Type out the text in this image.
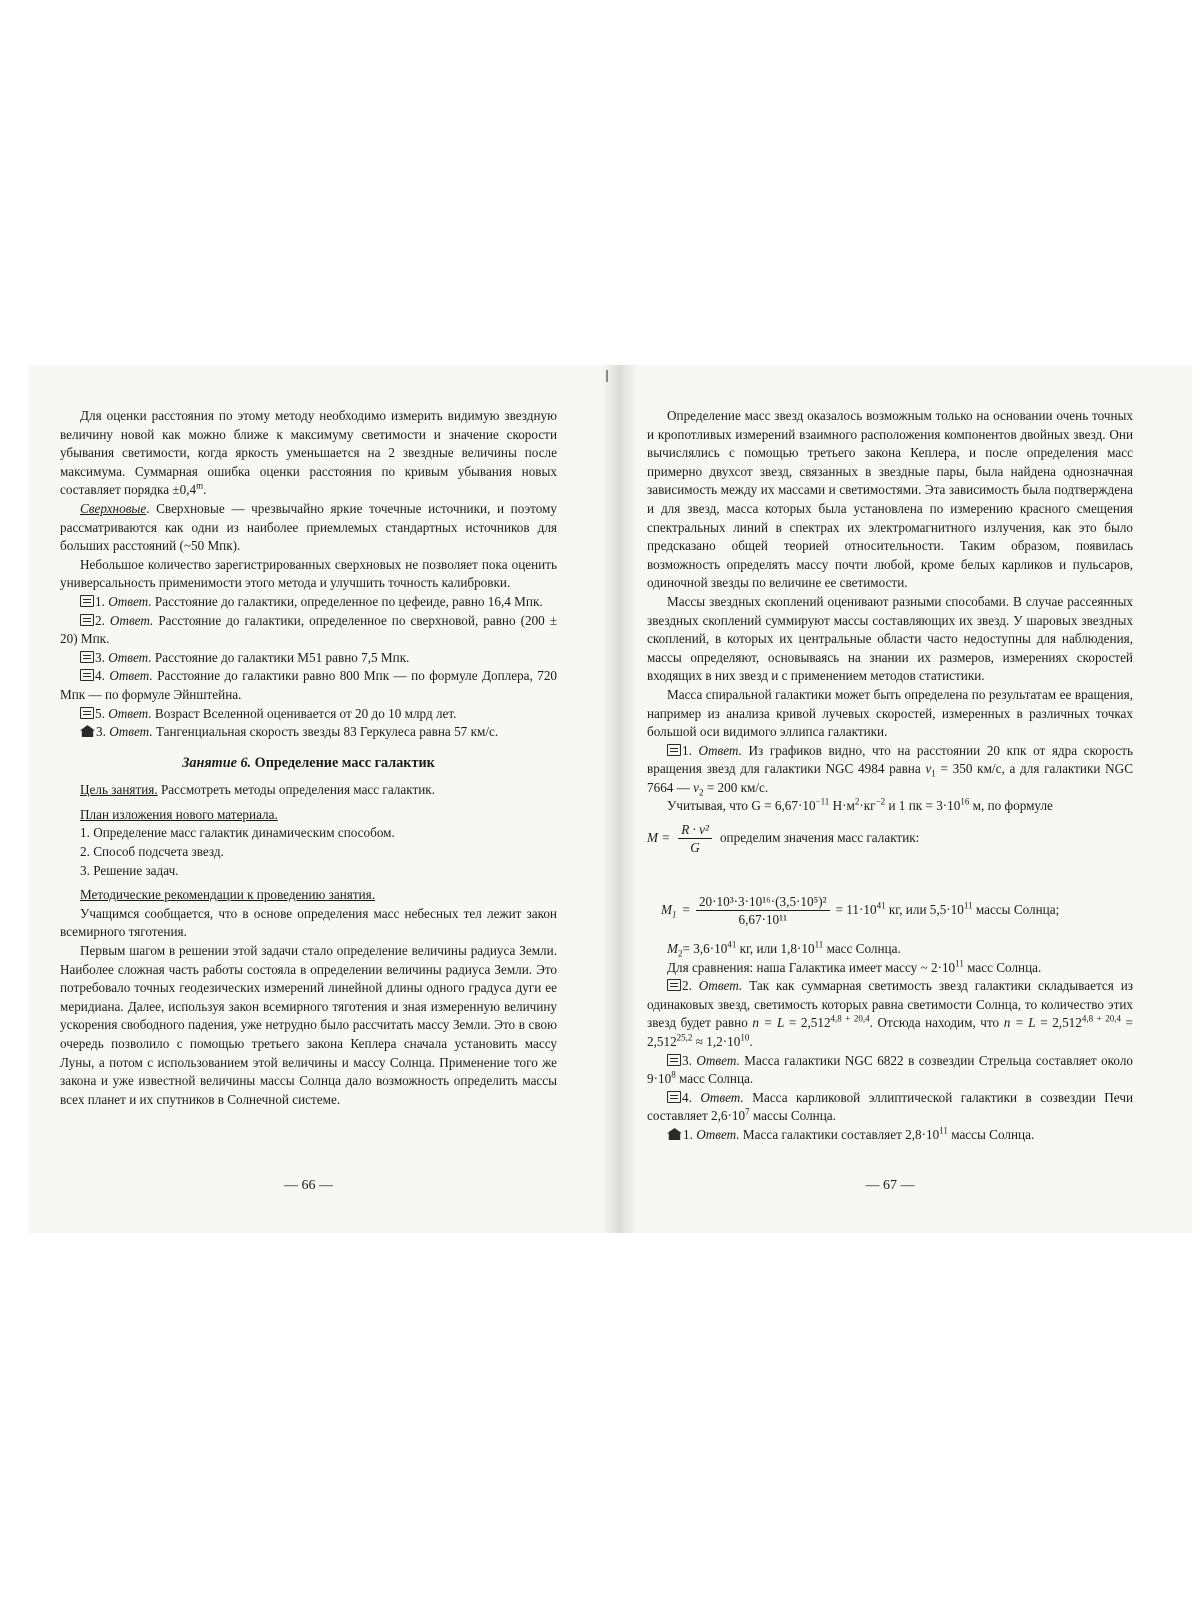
Для оценки расстояния по этому методу необходимо измерить видимую звездную величину новой как можно ближе к максимуму светимости и значение скорости убывания светимости, когда яркость уменьшается на 2 звездные величины после максимума. Суммарная ошибка оценки расстояния по кривым убывания новых составляет порядка $\pm 0,4^m$.

Сверхновые. Сверхновые — чрезвычайно яркие точечные источники, и поэтому рассматриваются как одни из наиболее приемлемых стандартных источников для больших расстояний (~50 Мпк).

Небольшое количество зарегистрированных сверхновых не позволяет пока оценить универсальность применимости этого метода и улучшить точность калибровки.

1. Ответ. Расстояние до галактики, определенное по цефеиде, равно 16,4 Мпк.

2. Ответ. Расстояние до галактики, определенное по сверхновой, равно (200 ± 20) Мпк.

3. Ответ. Расстояние до галактики M51 равно 7,5 Мпк.

4. Ответ. Расстояние до галактики равно 800 Мпк — по формуле Доплера, 720 Мпк — по формуле Эйнштейна.

5. Ответ. Возраст Вселенной оценивается от 20 до 10 млрд лет.

3. Ответ. Тангенциальная скорость звезды 83 Геркулеса равна 57 км/с.

Занятие 6. Определение масс галактик

Цель занятия. Рассмотреть методы определения масс галактик.

План изложения нового материала.

1. Определение масс галактик динамическим способом.

2. Способ подсчета звезд.

3. Решение задач.

Методические рекомендации к проведению занятия.

Учащимся сообщается, что в основе определения масс небесных тел лежит закон всемирного тяготения.

Первым шагом в решении этой задачи стало определение величины радиуса Земли. Наиболее сложная часть работы состояла в определении величины радиуса Земли. Это потребовало точных геодезических измерений линейной длины одного градуса дуги ее меридиана. Далее, используя закон всемирного тяготения и зная измеренную величину ускорения свободного падения, уже нетрудно было рассчитать массу Земли. Это в свою очередь позволило с помощью третьего закона Кеплера сначала установить массу Луны, а потом с использованием этой величины и массу Солнца. Применение того же закона и уже известной величины массы Солнца дало возможность определить массы всех планет и их спутников в Солнечной системе.

— 66 —

Определение масс звезд оказалось возможным только на основании очень точных и кропотливых измерений взаимного расположения компонентов двойных звезд. Они вычислялись с помощью третьего закона Кеплера, и после определения масс примерно двухсот звезд, связанных в звездные пары, была найдена однозначная зависимость между их массами и светимостями. Эта зависимость была подтверждена и для звезд, масса которых была установлена по измерению красного смещения спектральных линий в спектрах их электромагнитного излучения, как это было предсказано общей теорией относительности. Таким образом, появилась возможность определять массу почти любой, кроме белых карликов и пульсаров, одиночной звезды по величине ее светимости.

Массы звездных скоплений оценивают разными способами. В случае рассеянных звездных скоплений суммируют массы составляющих их звезд. У шаровых звездных скоплений, в которых их центральные области часто недоступны для наблюдения, массы определяют, основываясь на знании их размеров, измерениях скоростей входящих в них звезд и с применением методов статистики.

Масса спиральной галактики может быть определена по результатам ее вращения, например из анализа кривой лучевых скоростей, измеренных в различных точках большой оси видимого эллипса галактики.

1. Ответ. Из графиков видно, что на расстоянии 20 кпк от ядра скорость вращения звезд для галактики NGC 4984 равна $v_1 = 350$ км/с, а для галактики NGC 7664 — $v_2 = 200$ км/с.

Учитывая, что $G = 6,67\cdot 10^{-11}$ $Н\cdot м^2\cdot кг^{-2}$ и 1 пк = $3\cdot 10^{16}$ м, по формуле

$M = \frac{\text{R · v²}}{G}$ определим значения масс галактик:
$M_1 = \frac{\text{20·10³·3·10¹⁶·(3,5·10⁵)²}}{\text{6,67·10¹¹}} = 11\cdot 10^{41}$ кг, или $5,5\cdot 10^{11}$ массы Солнца;

$M_2= 3,6\cdot 10^{41}$ кг, или $1,8\cdot 10^{11}$ масс Солнца.

Для сравнения: наша Галактика имеет массу ~ $2\cdot 10^{11}$ масс Солнца.

2. Ответ. Так как суммарная светимость звезд галактики складывается из одинаковых звезд, светимость которых равна светимости Солнца, то количество этих звезд будет равно $n = L = 2,512^{4,8 + 20,4}$. Отсюда находим, что $n = L = 2,512^{4,8 + 20,4} = 2,512^{25,2} \approx 1,2\cdot 10^{10}$.

3. Ответ. Масса галактики NGC 6822 в созвездии Стрельца составляет около $9\cdot 10^8$ масс Солнца.

4. Ответ. Масса карликовой эллиптической галактики в созвездии Печи составляет $2,6\cdot 10^7$ массы Солнца.

1. Ответ. Масса галактики составляет $2,8\cdot 10^{11}$ массы Солнца.

— 67 —
